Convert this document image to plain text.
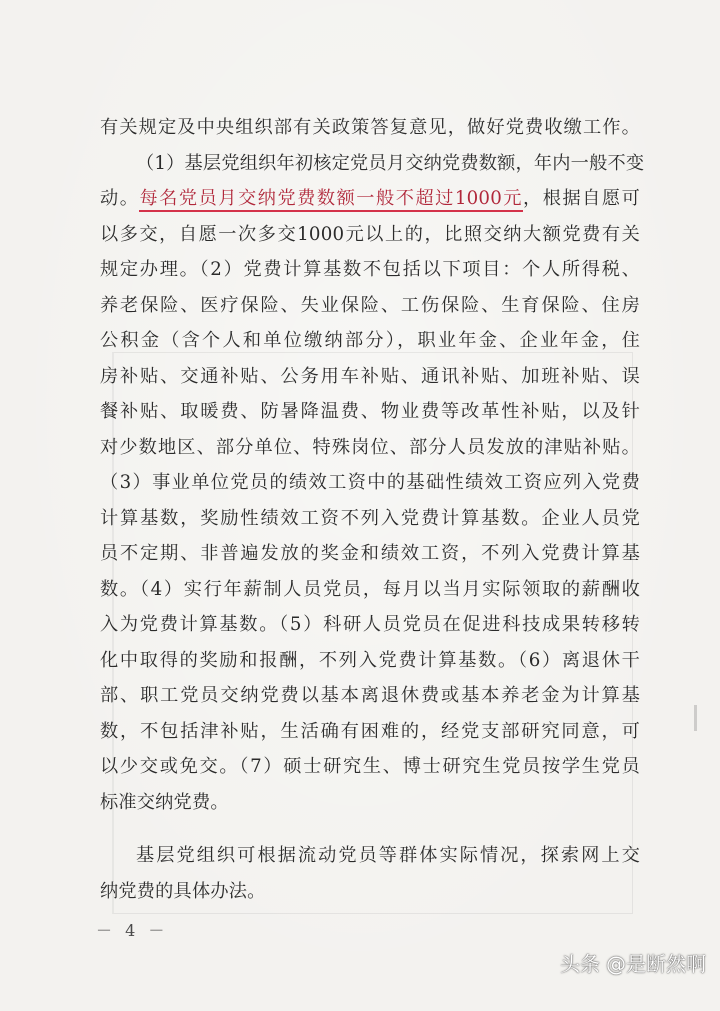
有关规定及中央组织部有关政策答复意见，做好党费收缴工作。
（1）基层党组织年初核定党员月交纳党费数额，年内一般不变
动。每名党员月交纳党费数额一般不超过1000元，根据自愿可
以多交，自愿一次多交1000元以上的，比照交纳大额党费有关
规定办理。（2）党费计算基数不包括以下项目：个人所得税、
养老保险、医疗保险、失业保险、工伤保险、生育保险、住房
公积金（含个人和单位缴纳部分），职业年金、企业年金，住
房补贴、交通补贴、公务用车补贴、通讯补贴、加班补贴、误
餐补贴、取暖费、防暑降温费、物业费等改革性补贴，以及针
对少数地区、部分单位、特殊岗位、部分人员发放的津贴补贴。
（3）事业单位党员的绩效工资中的基础性绩效工资应列入党费
计算基数，奖励性绩效工资不列入党费计算基数。企业人员党
员不定期、非普遍发放的奖金和绩效工资，不列入党费计算基
数。（4）实行年薪制人员党员，每月以当月实际领取的薪酬收
入为党费计算基数。（5）科研人员党员在促进科技成果转移转
化中取得的奖励和报酬，不列入党费计算基数。（6）离退休干
部、职工党员交纳党费以基本离退休费或基本养老金为计算基
数，不包括津补贴，生活确有困难的，经党支部研究同意，可
以少交或免交。（7）硕士研究生、博士研究生党员按学生党员
标准交纳党费。
基层党组织可根据流动党员等群体实际情况，探索网上交
纳党费的具体办法。
－ 4 －
头条 @是断然啊
